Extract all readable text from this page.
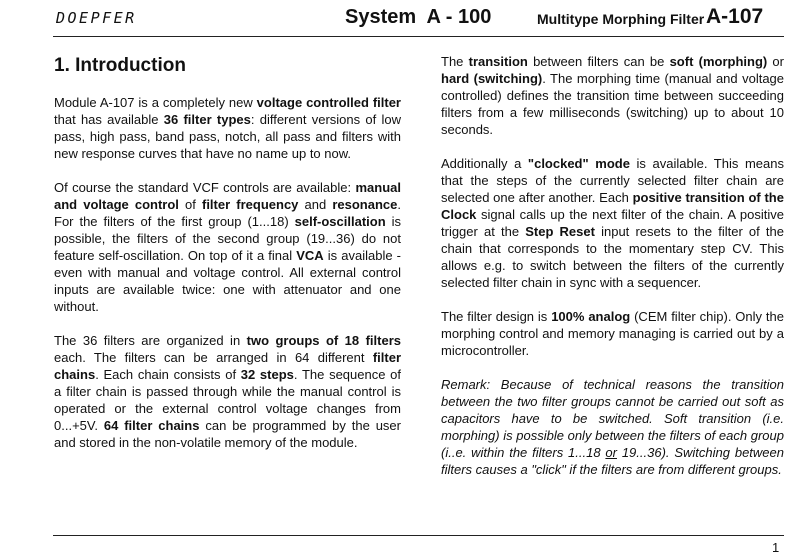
DOEPFER	System  A - 100	Multitype Morphing Filter A-107
1. Introduction

Module A-107 is a completely new voltage controlled filter that has available 36 filter types: different versions of low pass, high pass, band pass, notch, all pass and filters with new response curves that have no name up to now.

Of course the standard VCF controls are available: manual and voltage control of filter frequency and resonance. For the filters of the first group (1...18) self-oscillation is possible, the filters of the second group (19...36) do not feature self-oscillation. On top of it a final VCA is available - even with manual and voltage control. All external control inputs are available twice: one with attenuator and one without.

The 36 filters are organized in two groups of 18 filters each. The filters can be arranged in 64 different filter chains. Each chain consists of 32 steps. The sequence of a filter chain is passed through while the manual control is operated or the external control voltage changes from 0...+5V. 64 filter chains can be programmed by the user and stored in the non-volatile memory of the module.

The transition between filters can be soft (morphing) or hard (switching). The morphing time (manual and voltage controlled) defines the transition time between succeeding filters from a few milliseconds (switching) up to about 10 seconds.

Additionally a "clocked" mode is available. This means that the steps of the currently selected filter chain are selected one after another. Each positive transition of the Clock signal calls up the next filter of the chain. A positive trigger at the Step Reset input resets to the filter of the chain that corresponds to the momentary step CV. This allows e.g. to switch between the filters of the currently selected filter chain in sync with a sequencer.

The filter design is 100% analog (CEM filter chip). Only the morphing control and memory managing is carried out by a microcontroller.

Remark: Because of technical reasons the transition between the two filter groups cannot be carried out soft as capacitors have to be switched. Soft transition (i.e. morphing) is possible only between the filters of each group (i..e. within the filters 1...18 or 19...36). Switching between filters causes a "click" if the filters are from different groups.

1
